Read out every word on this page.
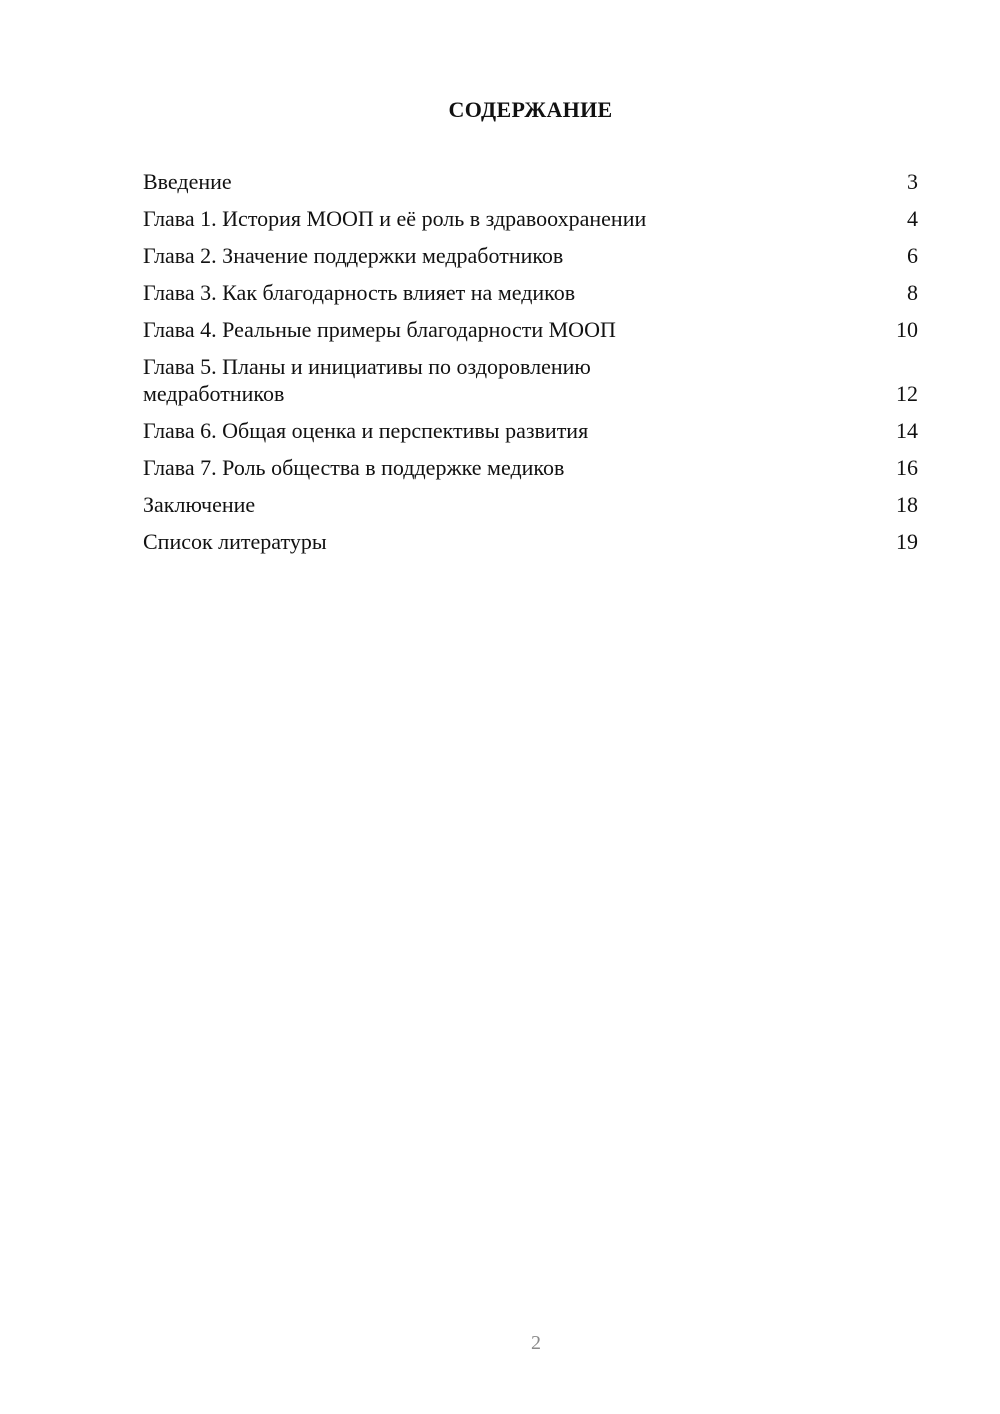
СОДЕРЖАНИЕ
Введение	3
Глава 1. История МООП и её роль в здравоохранении	4
Глава 2. Значение поддержки медработников	6
Глава 3. Как благодарность влияет на медиков	8
Глава 4. Реальные примеры благодарности МООП	10
Глава 5. Планы и инициативы по оздоровлению медработников	12
Глава 6. Общая оценка и перспективы развития	14
Глава 7. Роль общества в поддержке медиков	16
Заключение	18
Список литературы	19
2
